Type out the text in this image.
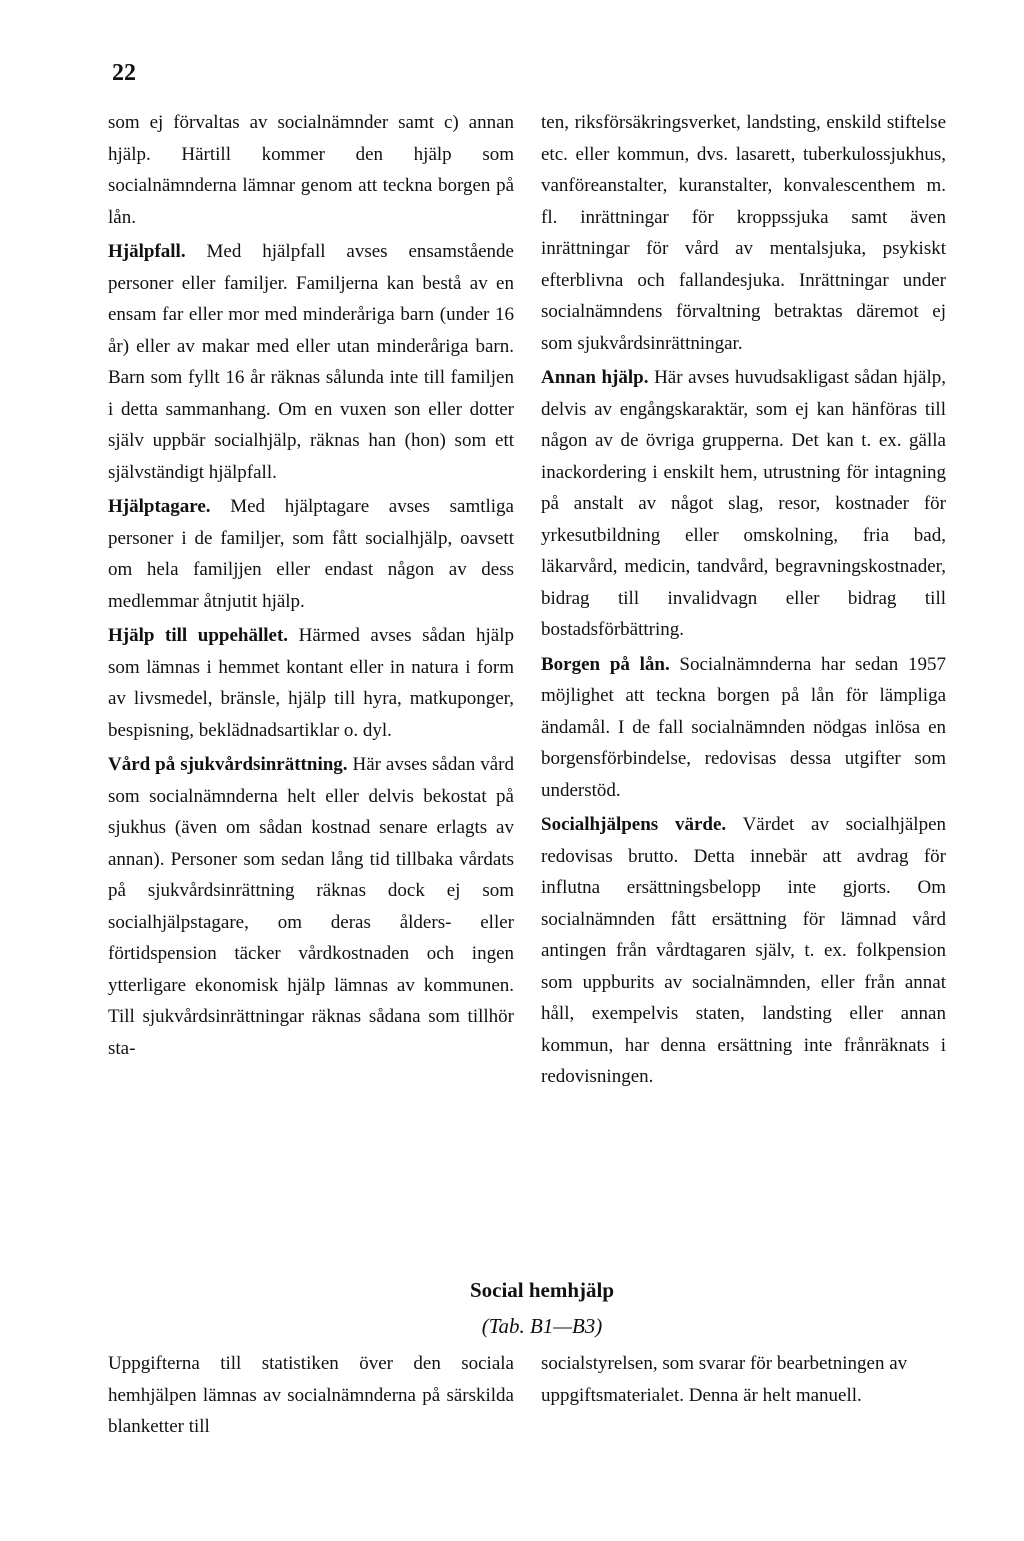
22

som ej förvaltas av socialnämnder samt c) annan hjälp. Härtill kommer den hjälp som socialnämnderna lämnar genom att teckna borgen på lån.

Hjälpfall. Med hjälpfall avses ensamstående personer eller familjer. Familjerna kan bestå av en ensam far eller mor med minderåriga barn (under 16 år) eller av makar med eller utan minderåriga barn. Barn som fyllt 16 år räknas sålunda inte till familjen i detta sammanhang. Om en vuxen son eller dotter själv uppbär socialhjälp, räknas han (hon) som ett självständigt hjälpfall.

Hjälptagare. Med hjälptagare avses samtliga personer i de familjer, som fått socialhjälp, oavsett om hela familjjen eller endast någon av dess medlemmar åtnjutit hjälp.

Hjälp till uppehället. Härmed avses sådan hjälp som lämnas i hemmet kontant eller in natura i form av livsmedel, bränsle, hjälp till hyra, matkuponger, bespisning, beklädnadsartiklar o. dyl.

Vård på sjukvårdsinrättning. Här avses sådan vård som socialnämnderna helt eller delvis bekostat på sjukhus (även om sådan kostnad senare erlagts av annan). Personer som sedan lång tid tillbaka vårdats på sjukvårdsinrättning räknas dock ej som socialhjälpstagare, om deras ålders- eller förtidspension täcker vårdkostnaden och ingen ytterligare ekonomisk hjälp lämnas av kommunen. Till sjukvårdsinrättningar räknas sådana som tillhör sta-

ten, riksförsäkringsverket, landsting, enskild stiftelse etc. eller kommun, dvs. lasarett, tuberkulossjukhus, vanföreanstalter, kuranstalter, konvalescenthem m. fl. inrättningar för kroppssjuka samt även inrättningar för vård av mentalsjuka, psykiskt efterblivna och fallandesjuka. Inrättningar under socialnämndens förvaltning betraktas däremot ej som sjukvårdsinrättningar.

Annan hjälp. Här avses huvudsakligast sådan hjälp, delvis av engångskaraktär, som ej kan hänföras till någon av de övriga grupperna. Det kan t. ex. gälla inackordering i enskilt hem, utrustning för intagning på anstalt av något slag, resor, kostnader för yrkesutbildning eller omskolning, fria bad, läkarvård, medicin, tandvård, begravningskostnader, bidrag till invalidvagn eller bidrag till bostadsförbättring.

Borgen på lån. Socialnämnderna har sedan 1957 möjlighet att teckna borgen på lån för lämpliga ändamål. I de fall socialnämnden nödgas inlösa en borgensförbindelse, redovisas dessa utgifter som understöd.

Socialhjälpens värde. Värdet av socialhjälpen redovisas brutto. Detta innebär att avdrag för influtna ersättningsbelopp inte gjorts. Om socialnämnden fått ersättning för lämnad vård antingen från vårdtagaren själv, t. ex. folkpension som uppburits av socialnämnden, eller från annat håll, exempelvis staten, landsting eller annan kommun, har denna ersättning inte frånräknats i redovisningen.

Social hemhjälp
(Tab. B1—B3)

Uppgifterna till statistiken över den sociala hemhjälpen lämnas av socialnämnderna på särskilda blanketter till

socialstyrelsen, som svarar för bearbetningen av uppgiftsmaterialet. Denna är helt manuell.
